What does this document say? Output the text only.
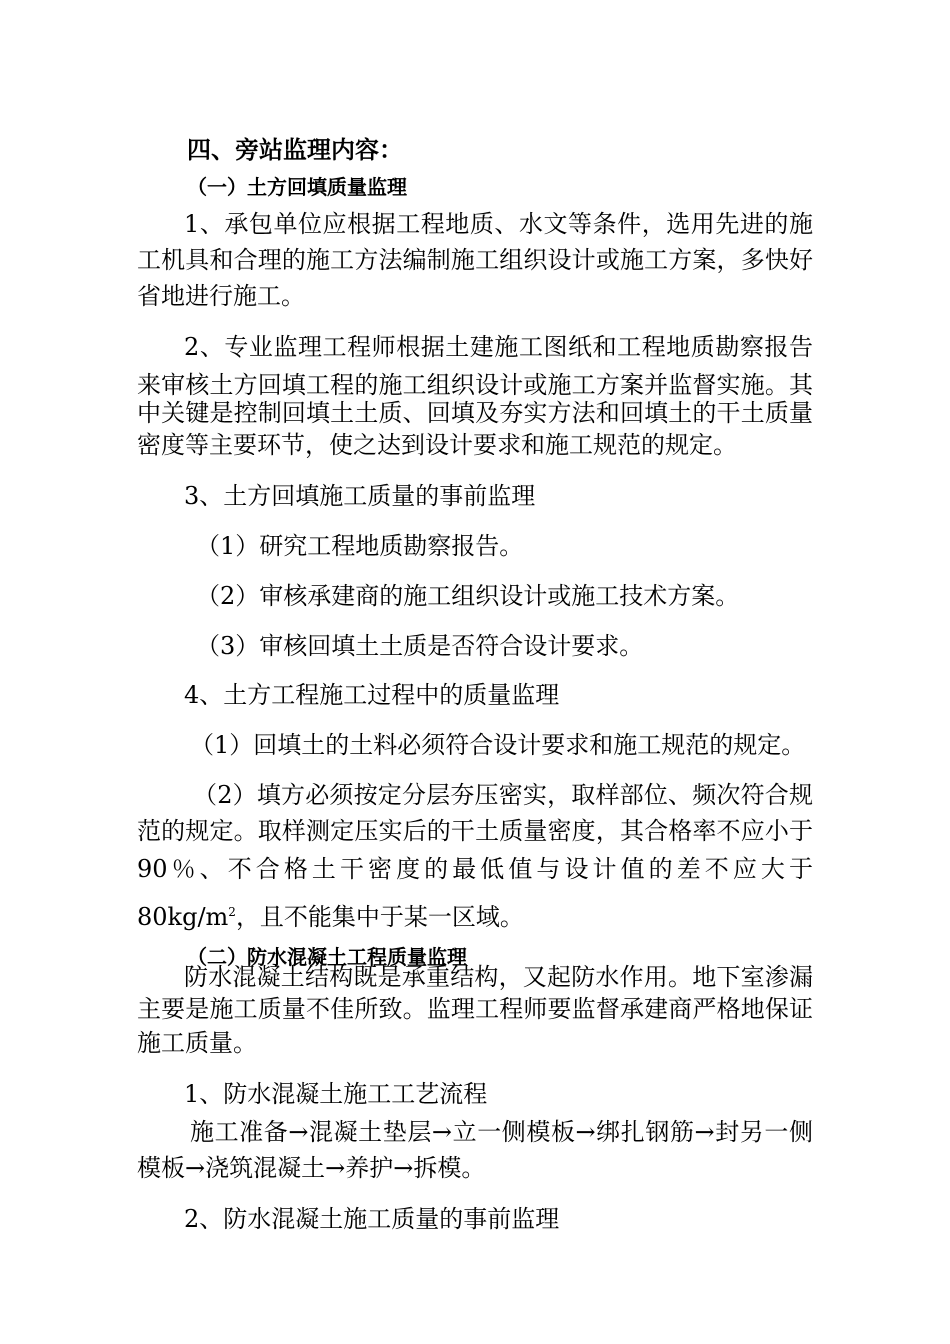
四、旁站监理内容：
（一）土方回填质量监理
1、承包单位应根据工程地质、水文等条件，选用先进的施
工机具和合理的施工方法编制施工组织设计或施工方案，多快好
省地进行施工。
2、专业监理工程师根据土建施工图纸和工程地质勘察报告
来审核土方回填工程的施工组织设计或施工方案并监督实施。其
中关键是控制回填土土质、回填及夯实方法和回填土的干土质量
密度等主要环节，使之达到设计要求和施工规范的规定。
3、土方回填施工质量的事前监理
（1）研究工程地质勘察报告。
（2）审核承建商的施工组织设计或施工技术方案。
（3）审核回填土土质是否符合设计要求。
4、土方工程施工过程中的质量监理
（1）回填土的土料必须符合设计要求和施工规范的规定。
（2）填方必须按定分层夯压密实，取样部位、频次符合规
范的规定。取样测定压实后的干土质量密度，其合格率不应小于
90％、不合格土干密度的最低值与设计值的差不应大于
$80kg/m^2$，且不能集中于某一区域。
（二）防水混凝土工程质量监理
防水混凝土结构既是承重结构，又起防水作用。地下室渗漏
主要是施工质量不佳所致。监理工程师要监督承建商严格地保证
施工质量。
1、防水混凝土施工工艺流程
施工准备→混凝土垫层→立一侧模板→绑扎钢筋→封另一侧
模板→浇筑混凝土→养护→拆模。
2、防水混凝土施工质量的事前监理
